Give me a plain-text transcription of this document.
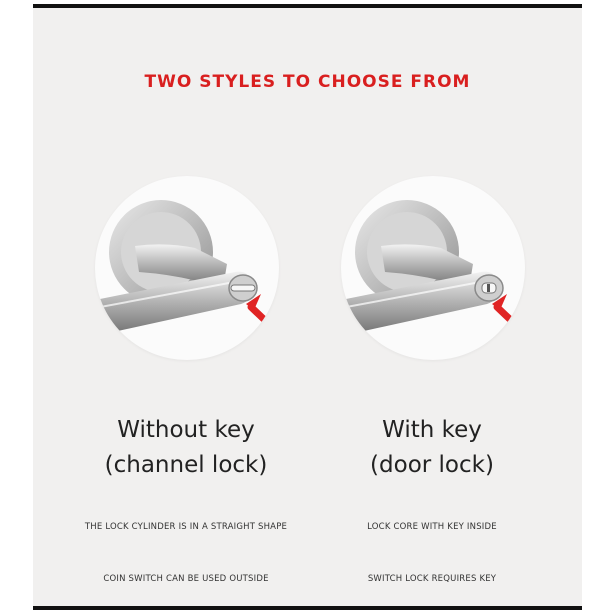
TWO STYLES TO CHOOSE FROM
Without key
(channel lock)
THE LOCK CYLINDER IS IN A STRAIGHT SHAPE
COIN SWITCH CAN BE USED OUTSIDE
With key
(door lock)
LOCK CORE WITH KEY INSIDE
SWITCH LOCK REQUIRES KEY
